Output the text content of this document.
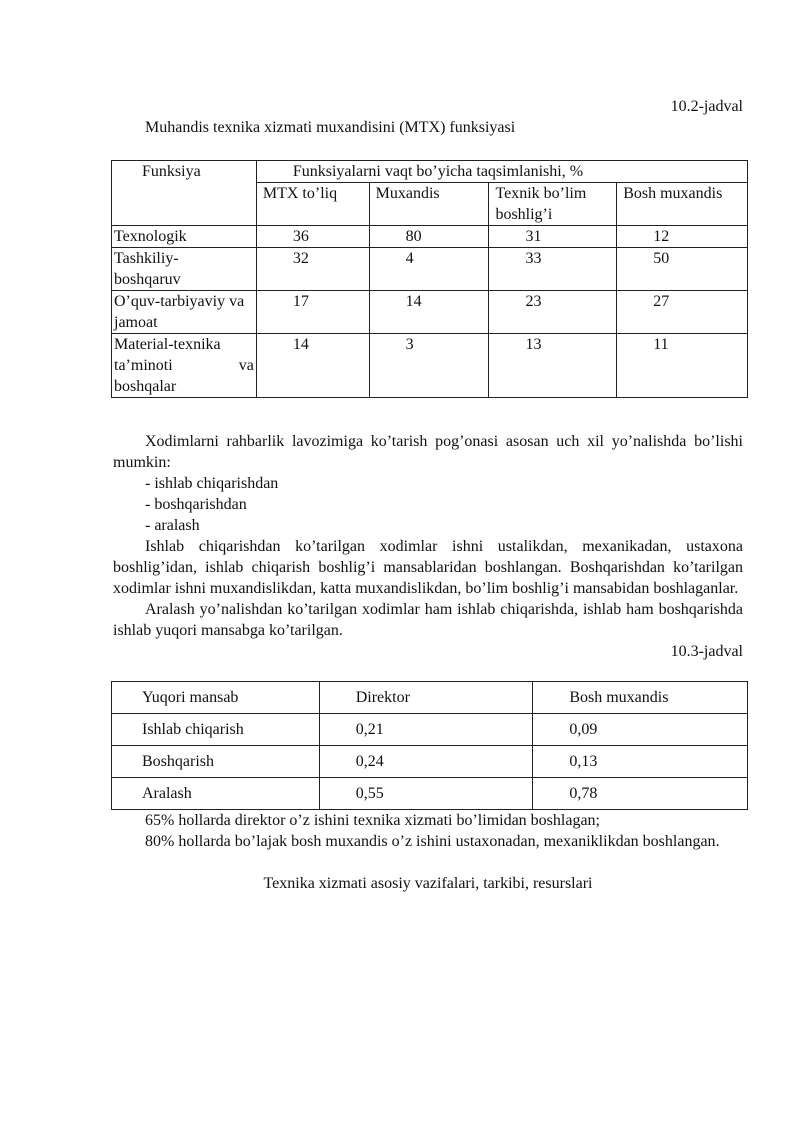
10.2-jadval

Muhandis texnika xizmati muxandisini (MTX) funksiyasi

Funksiya	Funksiyalarni vaqt bo’yicha taqsimlanishi, %			
	MTX to’liq	Muxandis	Texnik bo’lim boshlig’i	Bosh muxandis
Texnologik	36	80	31	12
Tashkiliy-boshqaruv	32	4	33	50
O’quv-tarbiyaviy va jamoat	17	14	23	27
Material-texnika ta’minoti va boshqalar	14	3	13	11

Xodimlarni rahbarlik lavozimiga ko’tarish pog’onasi asosan uch xil yo’nalishda bo’lishi mumkin:

- ishlab chiqarishdan

- boshqarishdan

- aralash

Ishlab chiqarishdan ko’tarilgan xodimlar ishni ustalikdan, mexanikadan, ustaxona boshlig’idan, ishlab chiqarish boshlig’i mansablaridan boshlangan. Boshqarishdan ko’tarilgan xodimlar ishni muxandislikdan, katta muxandislikdan, bo’lim boshlig’i mansabidan boshlaganlar.

Aralash yo’nalishdan ko’tarilgan xodimlar ham ishlab chiqarishda, ishlab ham boshqarishda ishlab yuqori mansabga ko’tarilgan.

10.3-jadval

Yuqori mansab	Direktor	Bosh muxandis

Ishlab chiqarish	0,21	0,09

Boshqarish	0,24	0,13

Aralash	0,55	0,78

65% hollarda direktor o’z ishini texnika xizmati bo’limidan boshlagan;

80% hollarda bo’lajak bosh muxandis o’z ishini ustaxonadan, mexaniklikdan boshlangan.

Texnika xizmati asosiy vazifalari, tarkibi, resurslari
